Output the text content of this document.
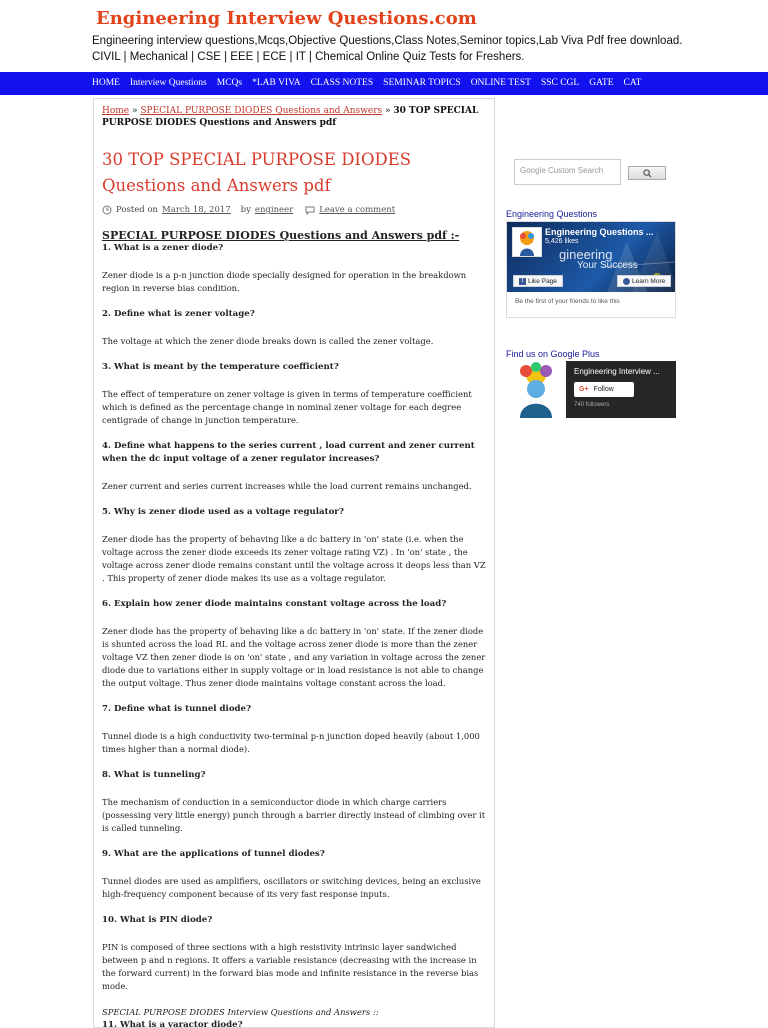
Engineering Interview Questions.com
Engineering interview questions,Mcqs,Objective Questions,Class Notes,Seminor topics,Lab Viva Pdf free download. CIVIL | Mechanical | CSE | EEE | ECE | IT | Chemical Online Quiz Tests for Freshers.
HOME	Interview Questions	MCQs	*LAB VIVA	CLASS NOTES	SEMINAR TOPICS	ONLINE TEST	SSC CGL	GATE	CAT
Home » SPECIAL PURPOSE DIODES Questions and Answers » 30 TOP SPECIAL PURPOSE DIODES Questions and Answers pdf
30 TOP SPECIAL PURPOSE DIODES
Questions and Answers pdf
Posted on March 18, 2017 by engineer	Leave a comment

SPECIAL PURPOSE DIODES Questions and Answers pdf :-

1. What is a zener diode?

Zener diode is a p-n junction diode specially designed for operation in the breakdown region in reverse bias condition.

2. Define what is zener voltage?

The voltage at which the zener diode breaks down is called the zener voltage.

3. What is meant by the temperature coefficient?

The effect of temperature on zener voltage is given in terms of temperature coefficient which is defined as the percentage change in nominal zener voltage for each degree centigrade of change in junction temperature.

4. Define what happens to the series current , load current and zener current when the dc input voltage of a zener regulator increases?

Zener current and series current increases while the load current remains unchanged.

5. Why is zener diode used as a voltage regulator?

Zener diode has the property of behaving like a dc battery in 'on' state (i.e. when the voltage across the zener diode exceeds its zener voltage rating VZ) . In 'on' state , the voltage across zener diode remains constant until the voltage across it deops less than VZ . This property of zener diode makes its use as a voltage regulator.

6. Explain how zener diode maintains constant voltage across the load?

Zener diode has the property of behaving like a dc battery in 'on' state. If the zener diode is shunted across the load RL and the voltage across zener diode is more than the zener voltage VZ then zener diode is on 'on' state , and any variation in voltage across the zener diode due to variations either in supply voltage or in load resistance is not able to change the output voltage. Thus zener diode maintains voltage constant across the load.

7. Define what is tunnel diode?

Tunnel diode is a high conductivity two-terminal p-n junction doped heavily (about 1,000 times higher than a normal diode).

8. What is tunneling?

The mechanism of conduction in a semiconductor diode in which charge carriers (possessing very little energy) punch through a barrier directly instead of climbing over it is called tunneling.

9. What are the applications of tunnel diodes?

Tunnel diodes are used as amplifiers, oscillators or switching devices, being an exclusive high-frequency component because of its very fast response inputs.

10. What is PIN diode?

PIN is composed of three sections with a high resistivity intrinsic layer sandwiched between p and n regions. It offers a variable resistance (decreasing with the increase in the forward current) in the forward bias mode and infinite resistance in the reverse bias mode.

SPECIAL PURPOSE DIODES Interview Questions and Answers ::

11. What is a varactor diode?

Google Custom Search
Engineering Questions
Engineering Questions ...
5,426 likes
gineering
Your Success
f Like Page	Learn More
Be the first of your friends to like this
Find us on Google Plus
Engineering Interview ...
G+ Follow
740 followers
